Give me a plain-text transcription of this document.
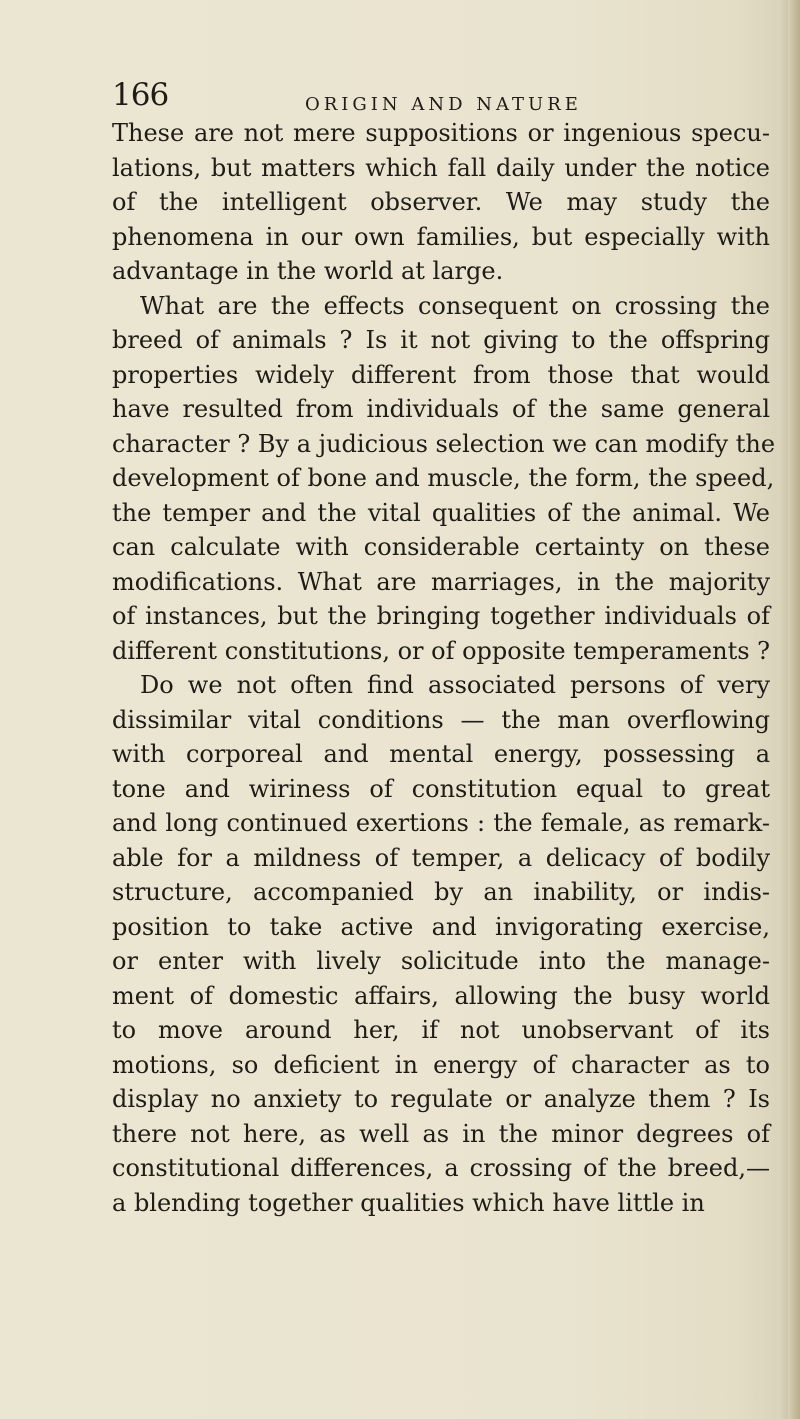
166	ORIGIN AND NATURE
These are not mere suppositions or ingenious specu-
lations, but matters which fall daily under the notice
of the intelligent observer. We may study the
phenomena in our own families, but especially with
advantage in the world at large.
What are the effects consequent on crossing the
breed of animals ? Is it not giving to the offspring
properties widely different from those that would
have resulted from individuals of the same general
character ? By a judicious selection we can modify the
development of bone and muscle, the form, the speed,
the temper and the vital qualities of the animal. We
can calculate with considerable certainty on these
modifications. What are marriages, in the majority
of instances, but the bringing together individuals of
different constitutions, or of opposite temperaments ?
Do we not often find associated persons of very
dissimilar vital conditions — the man overflowing
with corporeal and mental energy, possessing a
tone and wiriness of constitution equal to great
and long continued exertions : the female, as remark-
able for a mildness of temper, a delicacy of bodily
structure, accompanied by an inability, or indis-
position to take active and invigorating exercise,
or enter with lively solicitude into the manage-
ment of domestic affairs, allowing the busy world
to move around her, if not unobservant of its
motions, so deficient in energy of character as to
display no anxiety to regulate or analyze them ? Is
there not here, as well as in the minor degrees of
constitutional differences, a crossing of the breed,—
a blending together qualities which have little in
